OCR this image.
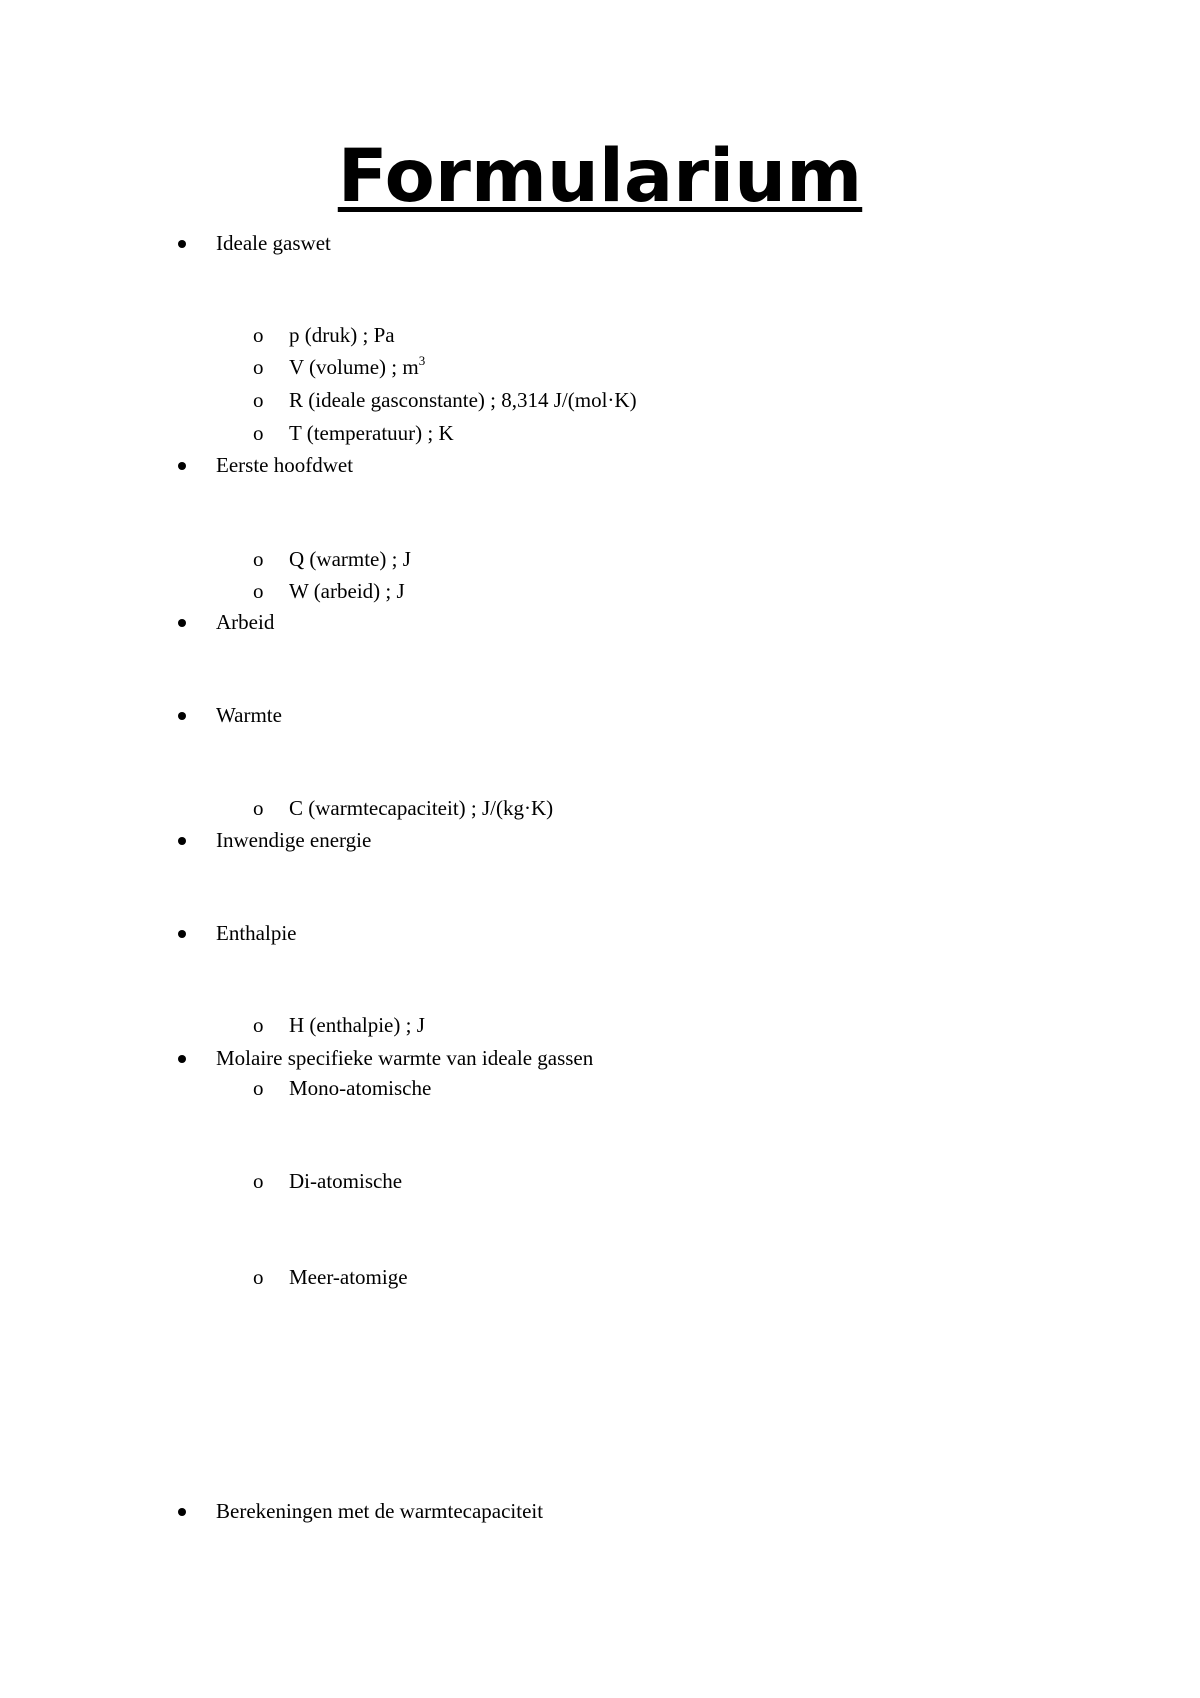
Formularium
Ideale gaswet
o
p (druk) ; Pa
o
V (volume) ; $m^3$
o
R (ideale gasconstante) ; 8,314 J/(mol·K)
o
T (temperatuur) ; K
Eerste hoofdwet
o
Q (warmte) ; J
o
W (arbeid) ; J
Arbeid
Warmte
o
C (warmtecapaciteit) ; J/(kg·K)
Inwendige energie
Enthalpie
o
H (enthalpie) ; J
Molaire specifieke warmte van ideale gassen
o
Mono-atomische
o
Di-atomische
o
Meer-atomige
Berekeningen met de warmtecapaciteit
